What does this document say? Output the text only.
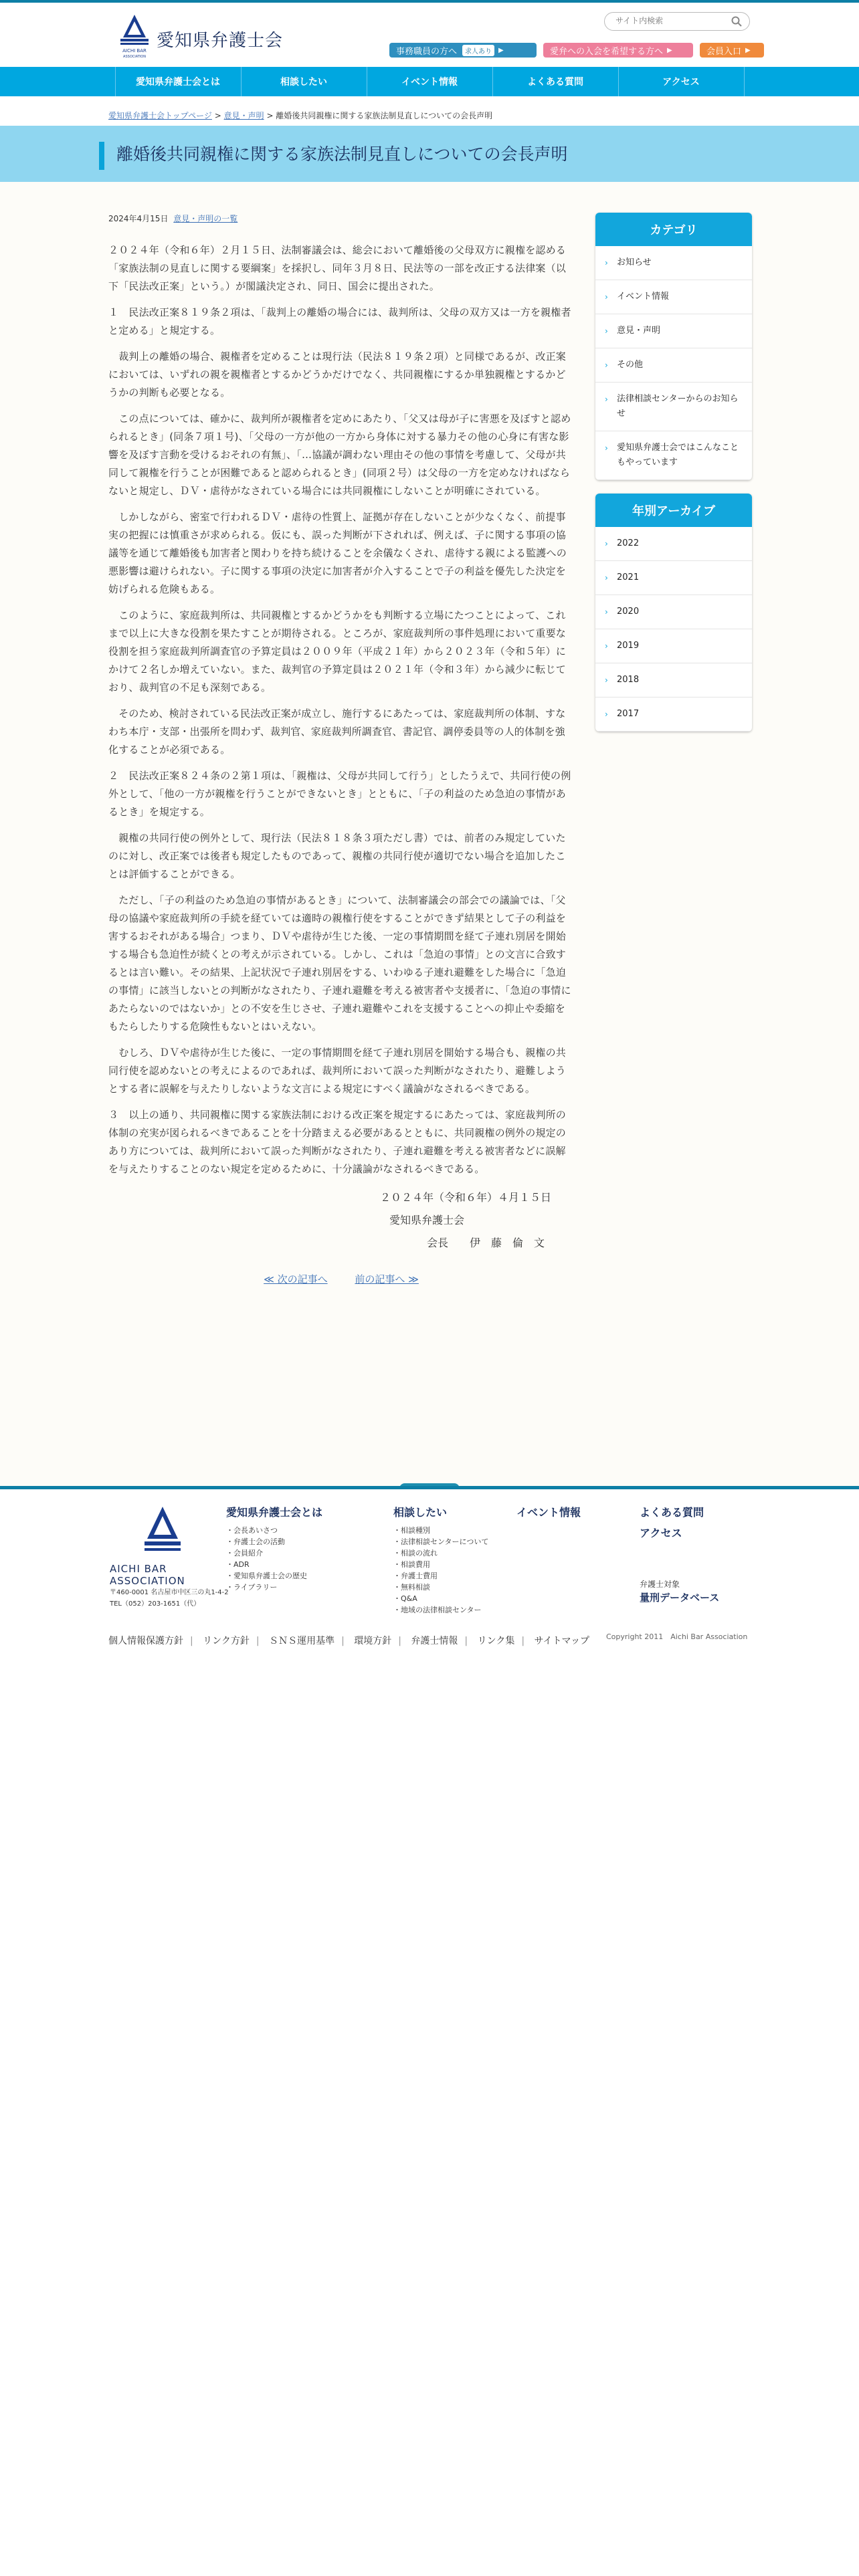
AICHI BAR
ASSOCIATION
愛知県弁護士会
サイト内検索
事務職員の方へ	求人あり	▶	愛弁への入会を希望する方へ ▶	会員入口 ▶
愛知県弁護士会とは	相談したい	イベント情報	よくある質問	アクセス
愛知県弁護士会トップページ > 意見・声明 > 離婚後共同親権に関する家族法制見直しについての会長声明
離婚後共同親権に関する家族法制見直しについての会長声明
2024年4月15日 意見・声明の一覧

２０２４年（令和６年）２月１５日、法制審議会は、総会において離婚後の父母双方に親権を認める「家族法制の見直しに関する要綱案」を採択し、同年３月８日、民法等の一部を改正する法律案（以下「民法改正案」という。）が閣議決定され、同日、国会に提出された。

１　民法改正案８１９条２項は、「裁判上の離婚の場合には、裁判所は、父母の双方又は一方を親権者と定める」と規定する。

　裁判上の離婚の場合、親権者を定めることは現行法（民法８１９条２項）と同様であるが、改正案においては、いずれの親を親権者とするかどうかだけでなく、共同親権にするか単独親権とするかどうかの判断も必要となる。

　この点については、確かに、裁判所が親権者を定めにあたり、「父又は母が子に害悪を及ぼすと認められるとき」(同条７項１号)、「父母の一方が他の一方から身体に対する暴力その他の心身に有害な影響を及ぼす言動を受けるおそれの有無」、「…協議が調わない理由その他の事情を考慮して、父母が共同して親権を行うことが困難であると認められるとき」(同項２号）は父母の一方を定めなければならないと規定し、ＤＶ・虐待がなされている場合には共同親権にしないことが明確にされている。

　しかしながら、密室で行われるＤＶ・虐待の性質上、証拠が存在しないことが少なくなく、前提事実の把握には慎重さが求められる。仮にも、誤った判断が下されれば、例えば、子に関する事項の協議等を通じて離婚後も加害者と関わりを持ち続けることを余儀なくされ、虐待する親による監護への悪影響は避けられない。子に関する事項の決定に加害者が介入することで子の利益を優先した決定を妨げられる危険もある。

　このように、家庭裁判所は、共同親権とするかどうかをも判断する立場にたつことによって、これまで以上に大きな役割を果たすことが期待される。ところが、家庭裁判所の事件処理において重要な役割を担う家庭裁判所調査官の予算定員は２００９年（平成２１年）から２０２３年（令和５年）にかけて２名しか増えていない。また、裁判官の予算定員は２０２１年（令和３年）から減少に転じており、裁判官の不足も深刻である。

　そのため、検討されている民法改正案が成立し、施行するにあたっては、家庭裁判所の体制、すなわち本庁・支部・出張所を問わず、裁判官、家庭裁判所調査官、書記官、調停委員等の人的体制を強化することが必須である。

２　民法改正案８２４条の２第１項は、「親権は、父母が共同して行う」としたうえで、共同行使の例外として、「他の一方が親権を行うことができないとき」とともに、「子の利益のため急迫の事情があるとき」を規定する。

　親権の共同行使の例外として、現行法（民法８１８条３項ただし書）では、前者のみ規定していたのに対し、改正案では後者も規定したものであって、親権の共同行使が適切でない場合を追加したことは評価することができる。

　ただし、「子の利益のため急迫の事情があるとき」について、法制審議会の部会での議論では、「父母の協議や家庭裁判所の手続を経ていては適時の親権行使をすることができず結果として子の利益を害するおそれがある場合」つまり、ＤＶや虐待が生じた後、一定の事情期間を経て子連れ別居を開始する場合も急迫性が続くとの考えが示されている。しかし、これは「急迫の事情」との文言に合致するとは言い難い。その結果、上記状況で子連れ別居をする、いわゆる子連れ避難をした場合に「急迫の事情」に該当しないとの判断がなされたり、子連れ避難を考える被害者や支援者に、「急迫の事情にあたらないのではないか」との不安を生じさせ、子連れ避難やこれを支援することへの抑止や委縮をもたらしたりする危険性もないとはいえない。

　むしろ、ＤＶや虐待が生じた後に、一定の事情期間を経て子連れ別居を開始する場合も、親権の共同行使を認めないとの考えによるのであれば、裁判所において誤った判断がなされたり、避難しようとする者に誤解を与えたりしないような文言による規定にすべく議論がなされるべきである。

３　以上の通り、共同親権に関する家族法制における改正案を規定するにあたっては、家庭裁判所の体制の充実が図られるべきであることを十分踏まえる必要があるとともに、共同親権の例外の規定のあり方については、裁判所において誤った判断がなされたり、子連れ避難を考える被害者などに誤解を与えたりすることのない規定を定めるために、十分議論がなされるべきである。

２０２４年（令和６年）４月１５日
愛知県弁護士会
会長　　伊　藤　倫　文
≪ 次の記事へ	前の記事へ ≫
カテゴリ
› お知らせ
› イベント情報
› 意見・声明
› その他
› 法律相談センターからのお知らせ
› 愛知県弁護士会ではこんなこともやっています
年別アーカイブ
› 2022
› 2021
› 2020
› 2019
› 2018
› 2017
AICHI BAR ASSOCIATION
〒460-0001 名古屋市中区三の丸1-4-2
TEL（052）203-1651（代）
愛知県弁護士会とは
・会長あいさつ
・弁護士会の活動
・会員紹介
・ADR
・愛知県弁護士会の歴史
・ライブラリー
相談したい
・相談種別
・法律相談センターについて
・相談の流れ
・相談費用
・弁護士費用
・無料相談
・Q&A
・地域の法律相談センター
イベント情報	よくある質問
アクセス
弁護士対象
量刑データベース
個人情報保護方針 | リンク方針 | ＳＮＳ運用基準 | 環境方針 | 弁護士情報 | リンク集 | サイトマップ Copyright 2011　Aichi Bar Association
